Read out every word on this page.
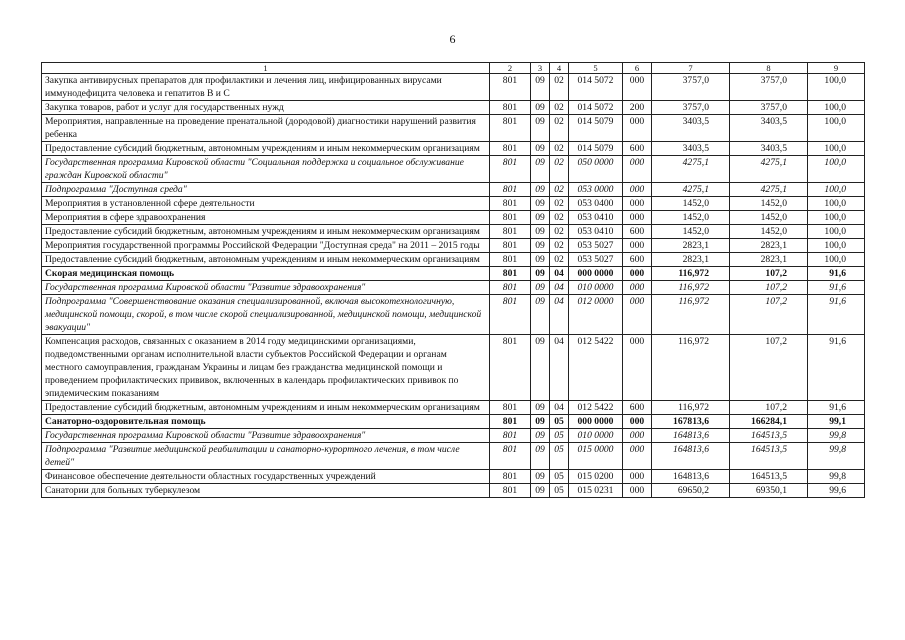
6
1	2	3	4	5	6	7	8	9
Закупка антивирусных препаратов для профилактики и лечения лиц, инфицированных вирусами иммунодефицита человека и гепатитов В и С	801	09	02	014 5072	000	3757,0	3757,0	100,0
Закупка товаров, работ и услуг для государственных нужд	801	09	02	014 5072	200	3757,0	3757,0	100,0
Мероприятия, направленные на проведение пренатальной (дородовой) диагностики нарушений развития ребенка	801	09	02	014 5079	000	3403,5	3403,5	100,0
Предоставление субсидий бюджетным, автономным учреждениям и иным некоммерческим организациям	801	09	02	014 5079	600	3403,5	3403,5	100,0
Государственная программа Кировской области "Социальная поддержка и социальное обслуживание граждан Кировской области"	801	09	02	050 0000	000	4275,1	4275,1	100,0
Подпрограмма "Доступная среда"	801	09	02	053 0000	000	4275,1	4275,1	100,0
Мероприятия в установленной сфере деятельности	801	09	02	053 0400	000	1452,0	1452,0	100,0
Мероприятия в сфере здравоохранения	801	09	02	053 0410	000	1452,0	1452,0	100,0
Предоставление субсидий бюджетным, автономным учреждениям и иным некоммерческим организациям	801	09	02	053 0410	600	1452,0	1452,0	100,0
Мероприятия государственной программы Российской Федерации "Доступная среда" на 2011 – 2015 годы	801	09	02	053 5027	000	2823,1	2823,1	100,0
Предоставление субсидий бюджетным, автономным учреждениям и иным некоммерческим организациям	801	09	02	053 5027	600	2823,1	2823,1	100,0
Скорая медицинская помощь	801	09	04	000 0000	000	116,972	107,2	91,6
Государственная программа Кировской области "Развитие здравоохранения"	801	09	04	010 0000	000	116,972	107,2	91,6
Подпрограмма "Совершенствование оказания специализированной, включая высокотехнологичную, медицинской помощи, скорой, в том числе скорой специализированной, медицинской помощи, медицинской эвакуации"	801	09	04	012 0000	000	116,972	107,2	91,6
Компенсация расходов, связанных с оказанием в 2014 году медицинскими организациями, подведомственными органам исполнительной власти субъектов Российской Федерации и органам местного самоуправления, гражданам Украины и лицам без гражданства медицинской помощи и проведением профилактических прививок, включенных в календарь профилактических прививок по эпидемическим показаниям	801	09	04	012 5422	000	116,972	107,2	91,6
Предоставление субсидий бюджетным, автономным учреждениям и иным некоммерческим организациям	801	09	04	012 5422	600	116,972	107,2	91,6
Санаторно-оздоровительная помощь	801	09	05	000 0000	000	167813,6	166284,1	99,1
Государственная программа Кировской области "Развитие здравоохранения"	801	09	05	010 0000	000	164813,6	164513,5	99,8
Подпрограмма "Развитие медицинской реабилитации и санаторно-курортного лечения, в том числе детей"	801	09	05	015 0000	000	164813,6	164513,5	99,8
Финансовое обеспечение деятельности областных государственных учреждений	801	09	05	015 0200	000	164813,6	164513,5	99,8
Санатории для больных туберкулезом	801	09	05	015 0231	000	69650,2	69350,1	99,6
